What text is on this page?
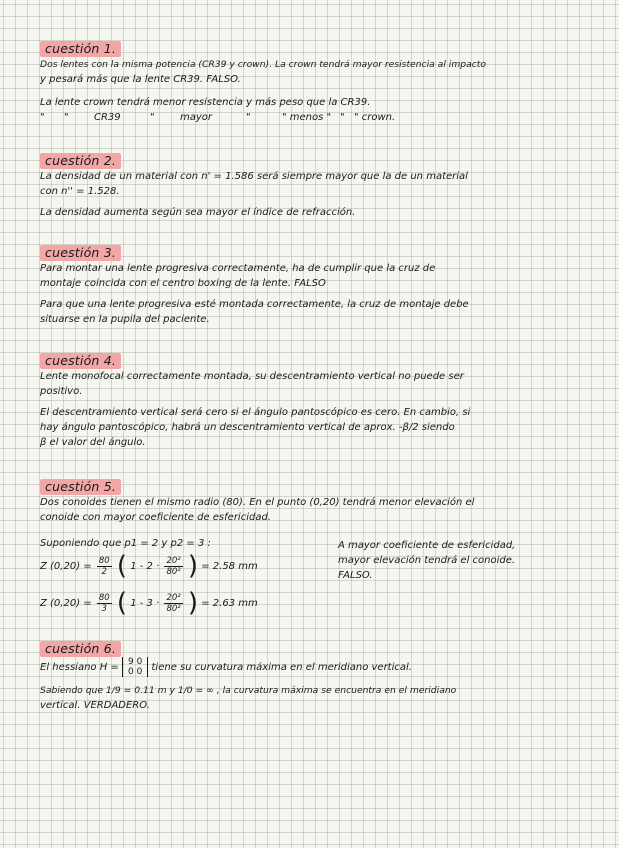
cuestión 1.
Dos lentes con la misma potencia (CR39 y crown). La crown tendrá mayor resistencia al impacto
y pesará más que la lente CR39. FALSO.
La lente crown tendrá menor resistencia y más peso que la CR39.
"	"	CR39	"	mayor	"	" menos " " " crown.
cuestión 2.
La densidad de un material con n' = 1.586 será siempre mayor que la de un material
con n'' = 1.528.
La densidad aumenta según sea mayor el índice de refracción.
cuestión 3.
Para montar una lente progresiva correctamente, ha de cumplir que la cruz de
montaje coincida con el centro boxing de la lente. FALSO
Para que una lente progresiva esté montada correctamente, la cruz de montaje debe
situarse en la pupila del paciente.
cuestión 4.
Lente monofocal correctamente montada, su descentramiento vertical no puede ser
positivo.
El descentramiento vertical será cero si el ángulo pantoscópico es cero. En cambio, si
hay ángulo pantoscópico, habrá un descentramiento vertical de aprox. -β/2 siendo
β el valor del ángulo.
cuestión 5.
Dos conoides tienen el mismo radio (80). En el punto (0,20) tendrá menor elevación el
conoide con mayor coeficiente de esfericidad.
Suponiendo que p1 = 2 y p2 = 3 :
Z $(0,20) = \frac{80}{2}$ ( $1 - 2 \cdot \frac{\text{20²}}{\text{80²}}$ ) = 2.58 mm
Z $(0,20) = \frac{80}{3}$ ( $1 - 3 \cdot \frac{\text{20²}}{\text{80²}}$ ) = 2.63 mm
A mayor coeficiente de esfericidad,
mayor elevación tendrá el conoide.
FALSO.
cuestión 6.
El hessiano H = 9 0
0 0 tiene su curvatura máxima en el meridiano vertical.
Sabiendo que 1/9 = 0.11 m y 1/0 = ∞ , la curvatura máxima se encuentra en el meridiano
vertical. VERDADERO.
